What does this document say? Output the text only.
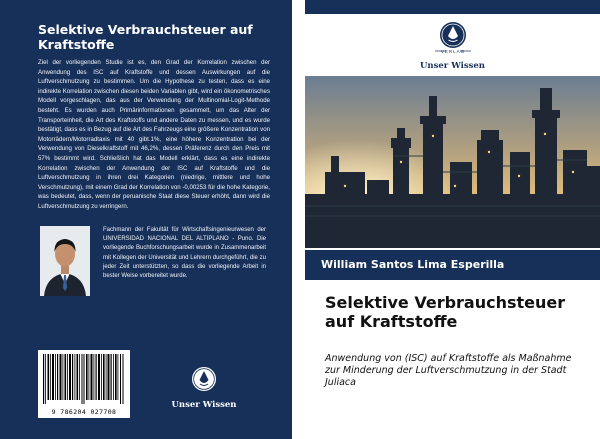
Selektive Verbrauchsteuer auf Kraftstoffe
Ziel der vorliegenden Studie ist es, den Grad der Korrelation zwischen der Anwendung des ISC auf Kraftstoffe und dessen Auswirkungen auf die Luftverschmutzung zu bestimmen. Um die Hypothese zu testen, dass es eine indirekte Korrelation zwischen diesen beiden Variablen gibt, wird ein ökonometrisches Modell vorgeschlagen, das aus der Verwendung der Multinomial-Logit-Methode besteht. Es wurden auch Primärinformationen gesammelt, um das Alter der Transporteinheit, die Art des Kraftstoffs und andere Daten zu messen, und es wurde bestätigt, dass es in Bezug auf die Art des Fahrzeugs eine größere Konzentration von Motorrädern/Motorradtaxis mit 40 gibt.1%, eine höhere Konzentration bei der Verwendung von Dieselkraftstoff mit 46,2%, dessen Präferenz durch den Preis mit 57% bestimmt wird. Schließlich hat das Modell erklärt, dass es eine indirekte Korrelation zwischen der Anwendung der ISC auf Kraftstoffe und die Luftverschmutzung in ihren drei Kategorien (niedrige, mittlere und hohe Verschmutzung), mit einem Grad der Korrelation von -0,00253 für die hohe Kategorie, was bedeutet, dass, wenn der peruanische Staat diese Steuer erhöht, dann wird die Luftverschmutzung zu verringern.
Fachmann der Fakultät für Wirtschaftsingenieurwesen der UNIVERSIDAD NACIONAL DEL ALTIPLANO - Puno. Die vorliegende Buchforschungsarbeit wurde in Zusammenarbeit mit Kollegen der Universität und Lehrern durchgeführt, die zu jeder Zeit unterstützten, so dass die vorliegende Arbeit in bester Weise vorbereitet wurde.
9 786204 027708
Unser Wissen
VERLAG
Unser Wissen
William Santos Lima Esperilla
Selektive Verbrauchsteuer auf Kraftstoffe
Anwendung von (ISC) auf Kraftstoffe als Maßnahme zur Minderung der Luftverschmutzung in der Stadt Juliaca
